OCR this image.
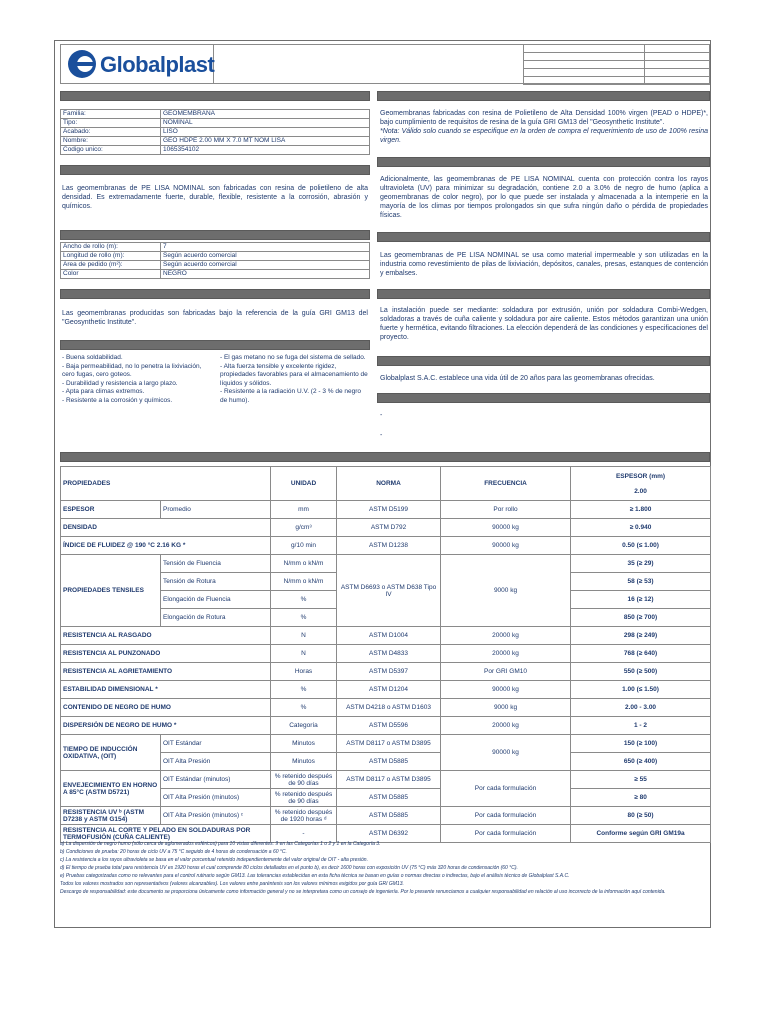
Globalplast

Familia:	GEOMEMBRANA
Tipo:	NOMINAL
Acabado:	LISO
Nombre:	GEO HDPE 2.00 MM X 7.0 MT NOM LISA
Codigo unico:	1065354102
Geomembranas fabricadas con resina de Polietileno de Alta Densidad 100% virgen (PEAD o HDPE)*, bajo cumplimiento de requisitos de resina de la guía GRI GM13 del "Geosynthetic Institute".
*Nota: Válido solo cuando se especifique en la orden de compra el requerimiento de uso de 100% resina virgen.
Las geomembranas de PE LISA NOMINAL son fabricadas con resina de polietileno de alta densidad. Es extremadamente fuerte, durable, flexible, resistente a la corrosión, abrasión y químicos.
Adicionalmente, las geomembranas de PE LISA NOMINAL cuenta con protección contra los rayos ultravioleta (UV) para minimizar su degradación, contiene 2.0 a 3.0% de negro de humo (aplica a geomembranas de color negro), por lo que puede ser instalada y almacenada a la intemperie en la mayoría de los climas por tiempos prolongados sin que sufra ningún daño o pérdida de propiedades físicas.
Ancho de rollo (m):	7
Longitud de rollo (m):	Según acuerdo comercial
Area de pedido (m²):	Según acuerdo comercial
Color	NEGRO
Las geomembranas de PE LISA NOMINAL se usa como material impermeable y son utilizadas en la industria como revestimiento de pilas de lixiviación, depósitos, canales, presas, estanques de contención y embalses.
Las geomembranas producidas son fabricadas bajo la referencia de la guía GRI GM13 del "Geosynthetic Institute".
La instalación puede ser mediante: soldadura por extrusión, unión por soldadura Combi-Wedgen, soldadoras a través de cuña caliente y soldadura por aire caliente. Estos métodos garantizan una unión fuerte y hermética, evitando filtraciones. La elección dependerá de las condiciones y especificaciones del proyecto.
- Buena soldabilidad.
- Baja permeabilidad, no lo penetra la lixiviación, cero fugas, cero goteos.
- Durabilidad y resistencia a largo plazo.
- Apta para climas extremos.
- Resistente a la corrosión y químicos.
- El gas metano no se fuga del sistema de sellado.
- Alta fuerza tensible y excelente rigidez, propiedades favorables para el almacenamiento de líquidos y sólidos.
- Resistente a la radiación U.V. (2 - 3 % de negro de humo).
Globalplast S.A.C. establece una vida útil de 20 años para las geomembranas ofrecidas.
-
-
PROPIEDADES		UNIDAD	NORMA	FRECUENCIA	ESPESOR (mm)
2.00

ESPESOR	Promedio	mm	ASTM D5199	Por rollo	≥ 1.800
DENSIDAD		g/cm³	ASTM D792	90000 kg	≥ 0.940
ÍNDICE DE FLUIDEZ @ 190 °C 2.16 KG *		g/10 min	ASTM D1238	90000 kg	0.50 (≤ 1.00)
PROPIEDADES TENSILES	Tensión de Fluencia	N/mm o kN/m	ASTM D6693 o ASTM D638 Tipo IV	9000 kg	35 (≥ 29)
	Tensión de Rotura	N/mm o kN/m			58 (≥ 53)
	Elongación de Fluencia	%			16 (≥ 12)
	Elongación de Rotura	%			850 (≥ 700)
RESISTENCIA AL RASGADO		N	ASTM D1004	20000 kg	298 (≥ 249)
RESISTENCIA AL PUNZONADO		N	ASTM D4833	20000 kg	768 (≥ 640)
RESISTENCIA AL AGRIETAMIENTO		Horas	ASTM D5397	Por GRI GM10	550 (≥ 500)
ESTABILIDAD DIMENSIONAL *		%	ASTM D1204	90000 kg	1.00 (≤ 1.50)
CONTENIDO DE NEGRO DE HUMO		%	ASTM D4218 o ASTM D1603	9000 kg	2.00 - 3.00
DISPERSIÓN DE NEGRO DE HUMO *		Categoría	ASTM D5596	20000 kg	1 - 2
TIEMPO DE INDUCCIÓN OXIDATIVA, (OIT)	OIT Estándar	Minutos	ASTM D8117 o ASTM D3895	90000 kg	150 (≥ 100)
	OIT Alta Presión	Minutos	ASTM D5885		650 (≥ 400)
ENVEJECIMIENTO EN HORNO A 85°C (ASTM D5721)	OIT Estándar (minutos)	% retenido después de 90 días	ASTM D8117 o ASTM D3895	Por cada formulación	≥ 55
	OIT Alta Presión (minutos)	% retenido después de 90 días	ASTM D5885		≥ 80
RESISTENCIA UV ᵇ (ASTM D7238 y ASTM G154)	OIT Alta Presión (minutos) ᶜ	% retenido después de 1920 horas ᵈ	ASTM D5885	Por cada formulación	80 (≥ 50)
RESISTENCIA AL CORTE Y PELADO EN SOLDADURAS POR TERMOFUSIÓN (CUÑA CALIENTE)		-	ASTM D6392	Por cada formulación	Conforme según GRI GM19a
a) La dispersión de negro humo (sólo cerca de aglomerados esféricos) para 10 vistas diferentes: 9 en las Categorías 1 o 2 y 1 en la Categoría 3.
b) Condiciones de prueba: 20 horas de ciclo UV a 75 °C seguido de 4 horas de condensación a 60 °C.
c) La resistencia a los rayos ultravioleta se basa en el valor porcentual retenido independientemente del valor original de OIT - alta presión.
d) El tiempo de prueba total para resistencia UV es 1920 horas el cual comprende 80 ciclos detallados en el punto b), es decir 1600 horas con exposición UV (75 °C) más 320 horas de condensación (60 °C).
e) Pruebas categorizadas como no relevantes para el control rutinario según GM13. Las tolerancias establecidas en esta ficha técnica se basan en guías o normas directas o indirectas, bajo el análisis técnico de Globalplast S.A.C.
Todos los valores mostrados son representativos (valores alcanzables). Los valores entre paréntesis son los valores mínimos exigidos por guía GRI GM13.
Descargo de responsabilidad: este documento se proporciona únicamente como información general y no se interpretara como un consejo de ingeniería. Por lo presente renunciamos a cualquier responsabilidad en relación al uso incorrecto de la información aquí contenida.
